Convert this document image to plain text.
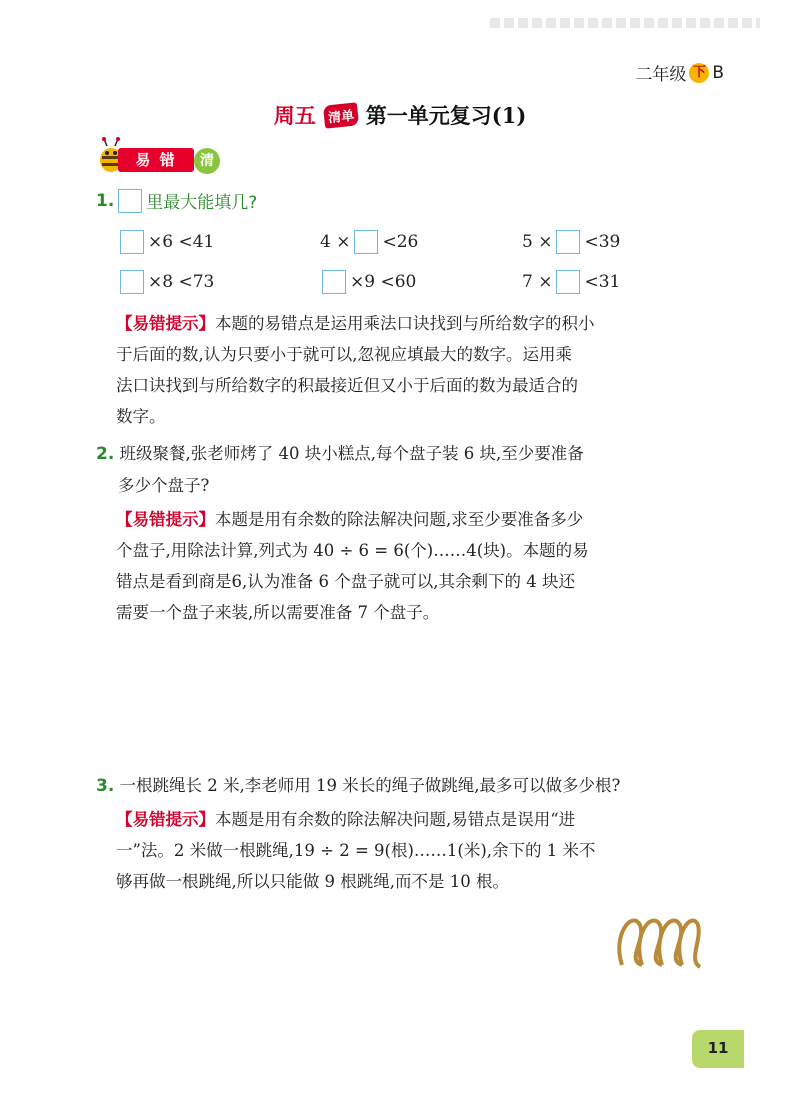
二年级 下 B
周五 清单 第一单元复习(1)
易 错	清
1. 里最大能填几?
×6 <41	4 × <26	5 × <39
×8 <73	×9 <60	7 × <31
【易错提示】本题的易错点是运用乘法口诀找到与所给数字的积小
于后面的数,认为只要小于就可以,忽视应填最大的数字。运用乘
法口诀找到与所给数字的积最接近但又小于后面的数为最适合的
数字。
2. 班级聚餐,张老师烤了 40 块小糕点,每个盘子装 6 块,至少要准备
多少个盘子?
【易错提示】本题是用有余数的除法解决问题,求至少要准备多少
个盘子,用除法计算,列式为 40 ÷ 6 = 6(个)……4(块)。本题的易
错点是看到商是6,认为准备 6 个盘子就可以,其余剩下的 4 块还
需要一个盘子来装,所以需要准备 7 个盘子。
3. 一根跳绳长 2 米,李老师用 19 米长的绳子做跳绳,最多可以做多少根?
【易错提示】本题是用有余数的除法解决问题,易错点是误用“进
一”法。2 米做一根跳绳,19 ÷ 2 = 9(根)……1(米),余下的 1 米不
够再做一根跳绳,所以只能做 9 根跳绳,而不是 10 根。
11
